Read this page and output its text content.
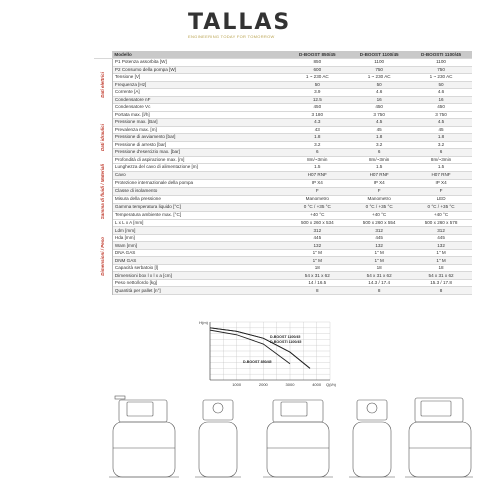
TALLAS
ENGINEERING TODAY FOR TOMORROW
	Modello	D-BOOST 850/45	D-BOOST 1100/45	D-BOOSTI 1100/45

Dati elettrici	P1 Potenza assorbita [W]	850	1100	1100
	P2 Consumo della pompa [W]	600	750	750
	Tensione [V]	1 ~ 230 AC	1 ~ 230 AC	1 ~ 230 AC
	Frequenza [Hz]	50	50	50
	Corrente [A]	3.9	4.6	4.6
	Condensatore nF	12.5	16	16
	Condensatore Vc	450	450	450

Dati idraulici	Portata max. [l/h]	3 180	3 750	3 750
	Pressione max. [Bar]	4.3	4.5	4.5
	Prevalenza max. [m]	43	45	45
	Pressione di avviamento [bar]	1.8	1.8	1.8
	Pressione di arresto [bar]	3.2	3.2	3.2
	Pressione d'esercizio max. [bar]	6	6	6
	Profondità di aspirazione max. [m]	8m/~3min	8m/~3min	8m/~3min

Gamma di fluidi / Materiali	Lunghezza del cavo di alimentazione [m]	1.5	1.5	1.5
	Cavo	H07 RNF	H07 RNF	H07 RNF
	Protezione internazionale della pompa	IP X4	IP X4	IP X4
	Classe di isolamento	F	F	F
	Misura della pressione	Manometro	Manometro	LED
	Gamma temperatura liquido [°C]	0 °C / +35 °C	0 °C / +35 °C	0 °C / +35 °C
	Temperatura ambiente max. [°C]	+40 °C	+40 °C	+40 °C

Dimensioni / Peso	L x L x A [mm]	500 x 260 x 534	500 x 260 x 554	500 x 260 x 578
	Ldm [mm]	312	312	312
	Hda [mm]	445	445	445
	Wam [mm]	132	132	132
	DNA GAS	1" M	1" M	1" M
	DNM GAS	1" M	1" M	1" M
	Capacità serbatoio [l]	18	18	18
	Dimensioni box l x l x a [cm]	54 x 31 x 62	54 x 31 x 62	54 x 31 x 62
	Peso netto/lordo [kg]	14 / 16.5	14.3 / 17.4	15.3 / 17.8
	Quantità per pallet [n°]	8	8	8
1000	2000	3000	4000
H(m)
Q(l/h)
D-BOOST 1100/45
D-BOOSTI 1100/45
D-BOOST 850/45
